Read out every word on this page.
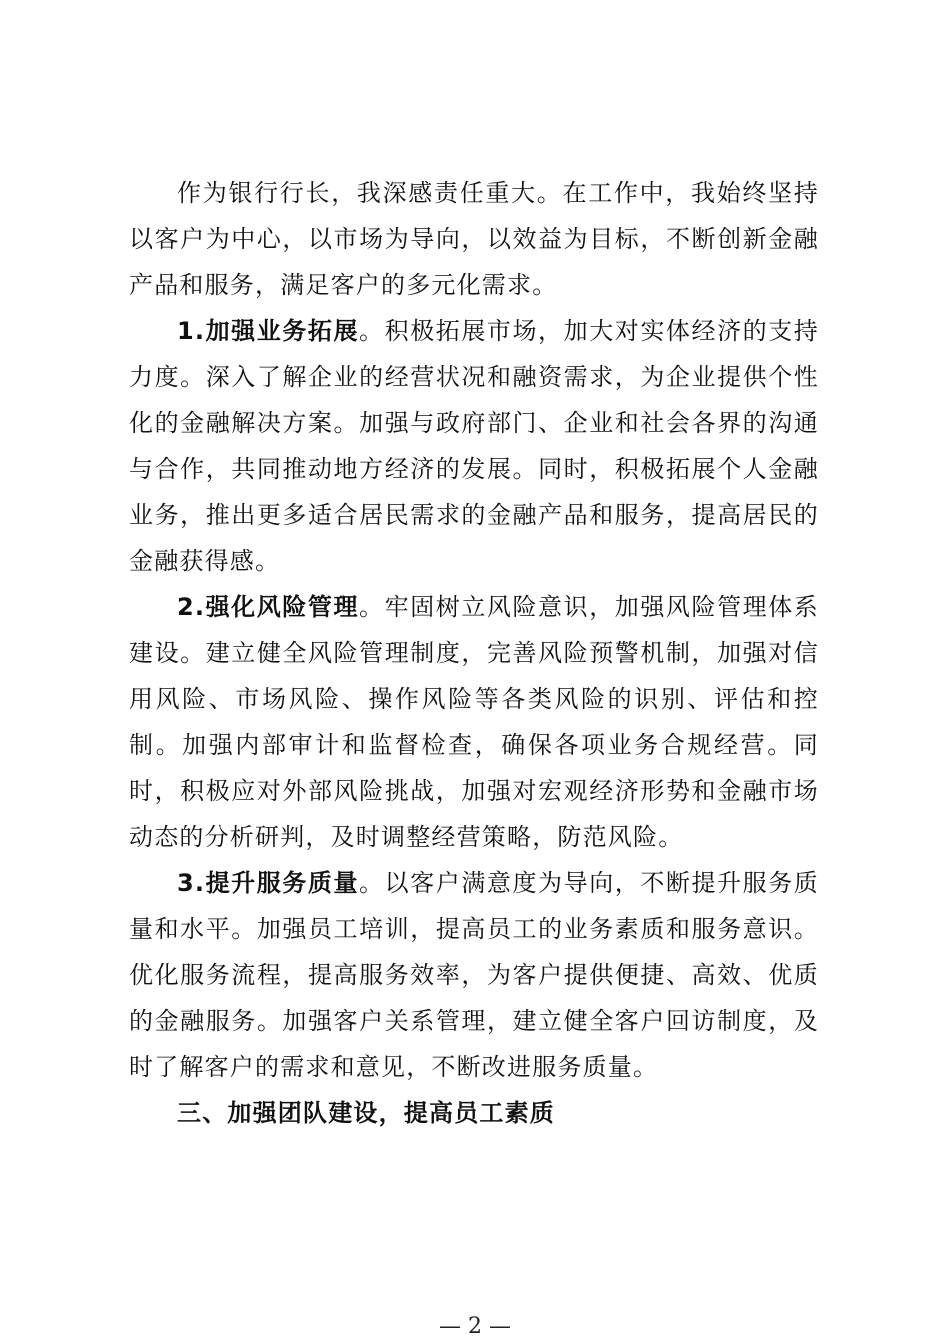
作为银行行长，我深感责任重大。在工作中，我始终坚持以客户为中心，以市场为导向，以效益为目标，不断创新金融产品和服务，满足客户的多元化需求。

1.加强业务拓展。积极拓展市场，加大对实体经济的支持力度。深入了解企业的经营状况和融资需求，为企业提供个性化的金融解决方案。加强与政府部门、企业和社会各界的沟通与合作，共同推动地方经济的发展。同时，积极拓展个人金融业务，推出更多适合居民需求的金融产品和服务，提高居民的金融获得感。

2.强化风险管理。牢固树立风险意识，加强风险管理体系建设。建立健全风险管理制度，完善风险预警机制，加强对信用风险、市场风险、操作风险等各类风险的识别、评估和控制。加强内部审计和监督检查，确保各项业务合规经营。同时，积极应对外部风险挑战，加强对宏观经济形势和金融市场动态的分析研判，及时调整经营策略，防范风险。

3.提升服务质量。以客户满意度为导向，不断提升服务质量和水平。加强员工培训，提高员工的业务素质和服务意识。优化服务流程，提高服务效率，为客户提供便捷、高效、优质的金融服务。加强客户关系管理，建立健全客户回访制度，及时了解客户的需求和意见，不断改进服务质量。

三、加强团队建设，提高员工素质

— 2 —
